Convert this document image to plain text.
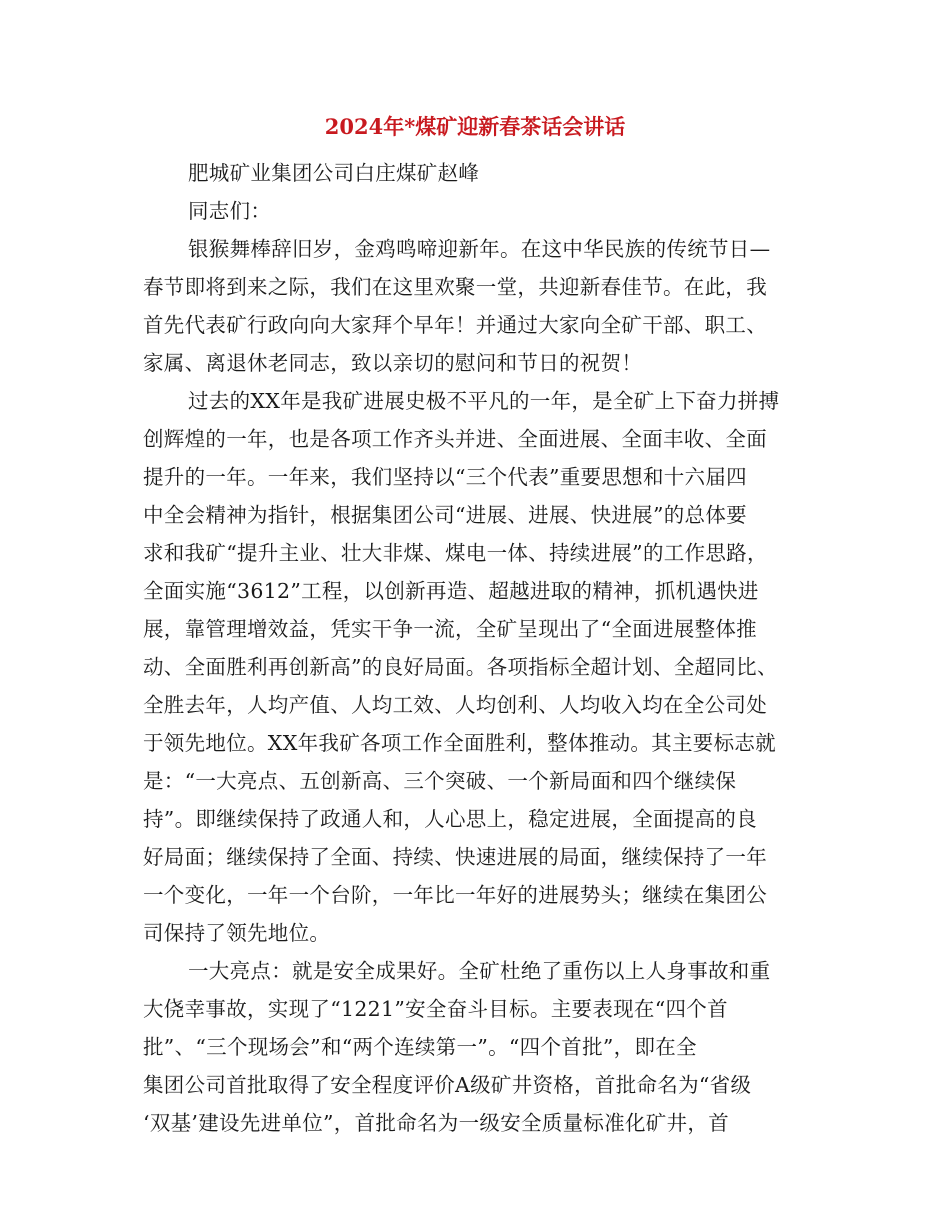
2024年*煤矿迎新春茶话会讲话
肥城矿业集团公司白庄煤矿赵峰
同志们：
银猴舞棒辞旧岁，金鸡鸣啼迎新年。在这中华民族的传统节日—
春节即将到来之际，我们在这里欢聚一堂，共迎新春佳节。在此，我
首先代表矿行政向向大家拜个早年！并通过大家向全矿干部、职工、
家属、离退休老同志，致以亲切的慰问和节日的祝贺！
过去的XX年是我矿进展史极不平凡的一年，是全矿上下奋力拼搏
创辉煌的一年，也是各项工作齐头并进、全面进展、全面丰收、全面
提升的一年。一年来，我们坚持以“三个代表”重要思想和十六届四
中全会精神为指针，根据集团公司“进展、进展、快进展”的总体要
求和我矿“提升主业、壮大非煤、煤电一体、持续进展”的工作思路，
全面实施“3612”工程，以创新再造、超越进取的精神，抓机遇快进
展，靠管理增效益，凭实干争一流，全矿呈现出了“全面进展整体推
动、全面胜利再创新高”的良好局面。各项指标全超计划、全超同比、
全胜去年，人均产值、人均工效、人均创利、人均收入均在全公司处
于领先地位。XX年我矿各项工作全面胜利，整体推动。其主要标志就
是：“一大亮点、五创新高、三个突破、一个新局面和四个继续保
持”。即继续保持了政通人和，人心思上，稳定进展，全面提高的良
好局面；继续保持了全面、持续、快速进展的局面，继续保持了一年
一个变化，一年一个台阶，一年比一年好的进展势头；继续在集团公
司保持了领先地位。
一大亮点：就是安全成果好。全矿杜绝了重伤以上人身事故和重
大侥幸事故，实现了“1221”安全奋斗目标。主要表现在“四个首
批”、“三个现场会”和“两个连续第一”。“四个首批”，即在全
集团公司首批取得了安全程度评价A级矿井资格，首批命名为“省级
‘双基’建设先进单位”，首批命名为一级安全质量标准化矿井，首
